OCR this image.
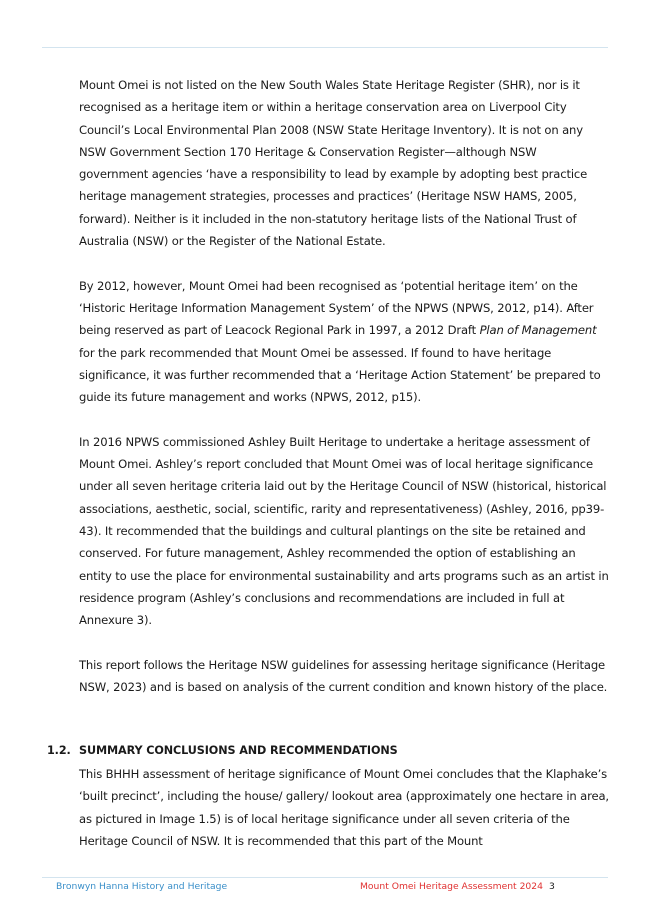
Mount Omei is not listed on the New South Wales State Heritage Register (SHR), nor is it recognised as a heritage item or within a heritage conservation area on Liverpool City Council’s Local Environmental Plan 2008 (NSW State Heritage Inventory). It is not on any NSW Government Section 170 Heritage & Conservation Register—although NSW government agencies ‘have a responsibility to lead by example by adopting best practice heritage management strategies, processes and practices’ (Heritage NSW HAMS, 2005, forward). Neither is it included in the non-statutory heritage lists of the National Trust of Australia (NSW) or the Register of the National Estate.

By 2012, however, Mount Omei had been recognised as ‘potential heritage item’ on the ‘Historic Heritage Information Management System’ of the NPWS (NPWS, 2012, p14). After being reserved as part of Leacock Regional Park in 1997, a 2012 Draft Plan of Management for the park recommended that Mount Omei be assessed. If found to have heritage significance, it was further recommended that a ‘Heritage Action Statement’ be prepared to guide its future management and works (NPWS, 2012, p15).

In 2016 NPWS commissioned Ashley Built Heritage to undertake a heritage assessment of Mount Omei. Ashley’s report concluded that Mount Omei was of local heritage significance under all seven heritage criteria laid out by the Heritage Council of NSW (historical, historical associations, aesthetic, social, scientific, rarity and representativeness) (Ashley, 2016, pp39-43). It recommended that the buildings and cultural plantings on the site be retained and conserved. For future management, Ashley recommended the option of establishing an entity to use the place for environmental sustainability and arts programs such as an artist in residence program (Ashley’s conclusions and recommendations are included in full at Annexure 3).

This report follows the Heritage NSW guidelines for assessing heritage significance (Heritage NSW, 2023) and is based on analysis of the current condition and known history of the place.

1.2. SUMMARY CONCLUSIONS AND RECOMMENDATIONS

This BHHH assessment of heritage significance of Mount Omei concludes that the Klaphake’s ‘built precinct’, including the house/ gallery/ lookout area (approximately one hectare in area, as pictured in Image 1.5) is of local heritage significance under all seven criteria of the Heritage Council of NSW. It is recommended that this part of the Mount

Bronwyn Hanna History and Heritage	Mount Omei Heritage Assessment 2024 3
